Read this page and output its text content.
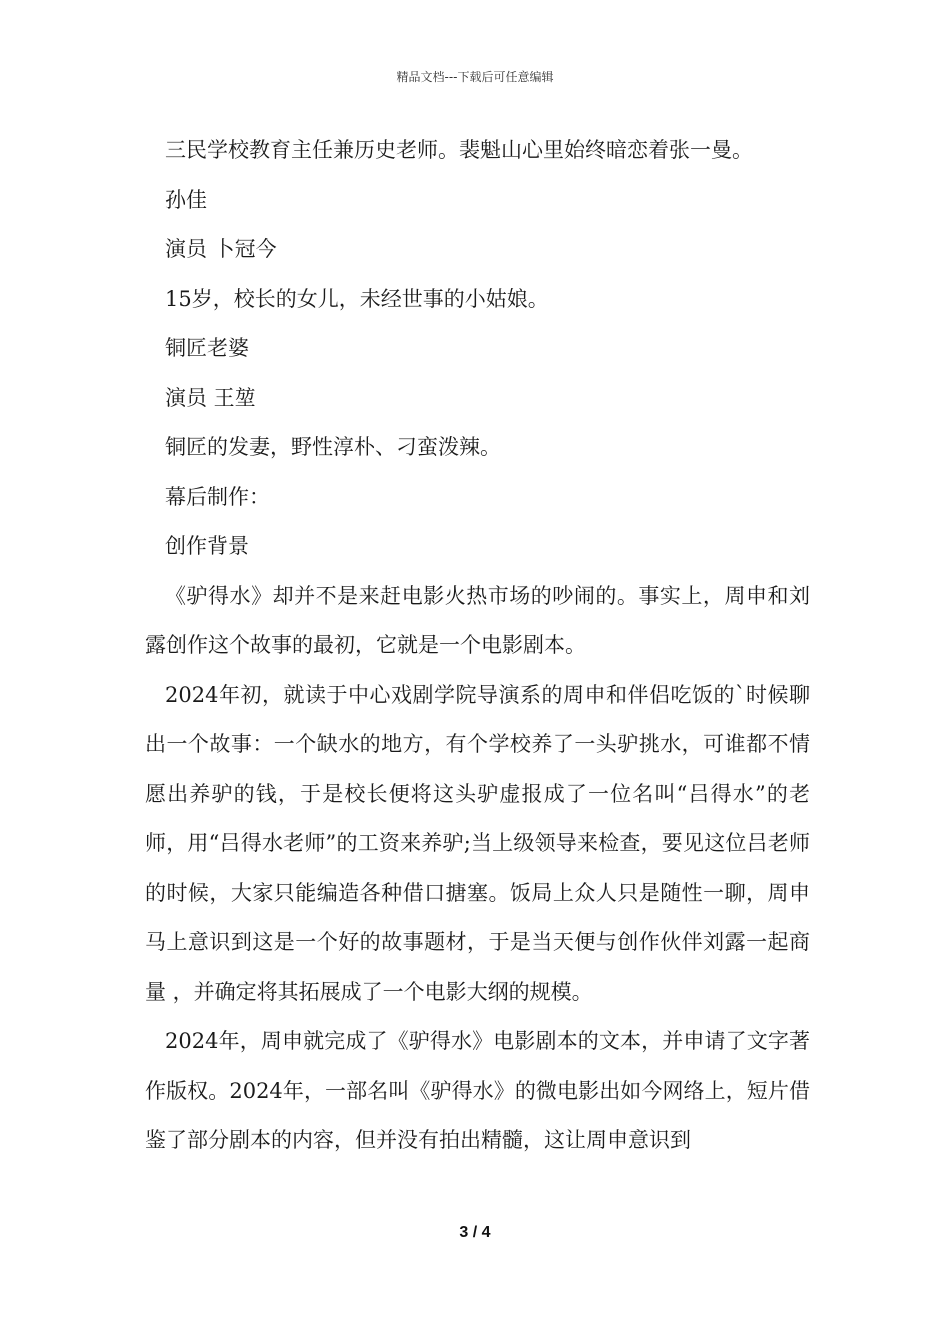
精品文档---下载后可任意编辑

三民学校教育主任兼历史老师。裴魁山心里始终暗恋着张一曼。

孙佳

演员 卜冠今

15岁，校长的女儿，未经世事的小姑娘。

铜匠老婆

演员 王堃

铜匠的发妻，野性淳朴、刁蛮泼辣。

幕后制作：

创作背景

《驴得水》却并不是来赶电影火热市场的吵闹的。事实上，周申和刘露创作这个故事的最初，它就是一个电影剧本。

2024年初，就读于中心戏剧学院导演系的周申和伴侣吃饭的`时候聊出一个故事：一个缺水的地方，有个学校养了一头驴挑水，可谁都不情愿出养驴的钱，于是校长便将这头驴虚报成了一位名叫“吕得水”的老师，用“吕得水老师”的工资来养驴;当上级领导来检查，要见这位吕老师的时候，大家只能编造各种借口搪塞。饭局上众人只是随性一聊，周申马上意识到这是一个好的故事题材，于是当天便与创作伙伴刘露一起商量 ，并确定将其拓展成了一个电影大纲的规模。

2024年，周申就完成了《驴得水》电影剧本的文本，并申请了文字著作版权。2024年，一部名叫《驴得水》的微电影出如今网络上，短片借鉴了部分剧本的内容，但并没有拍出精髓，这让周申意识到

3 / 4
